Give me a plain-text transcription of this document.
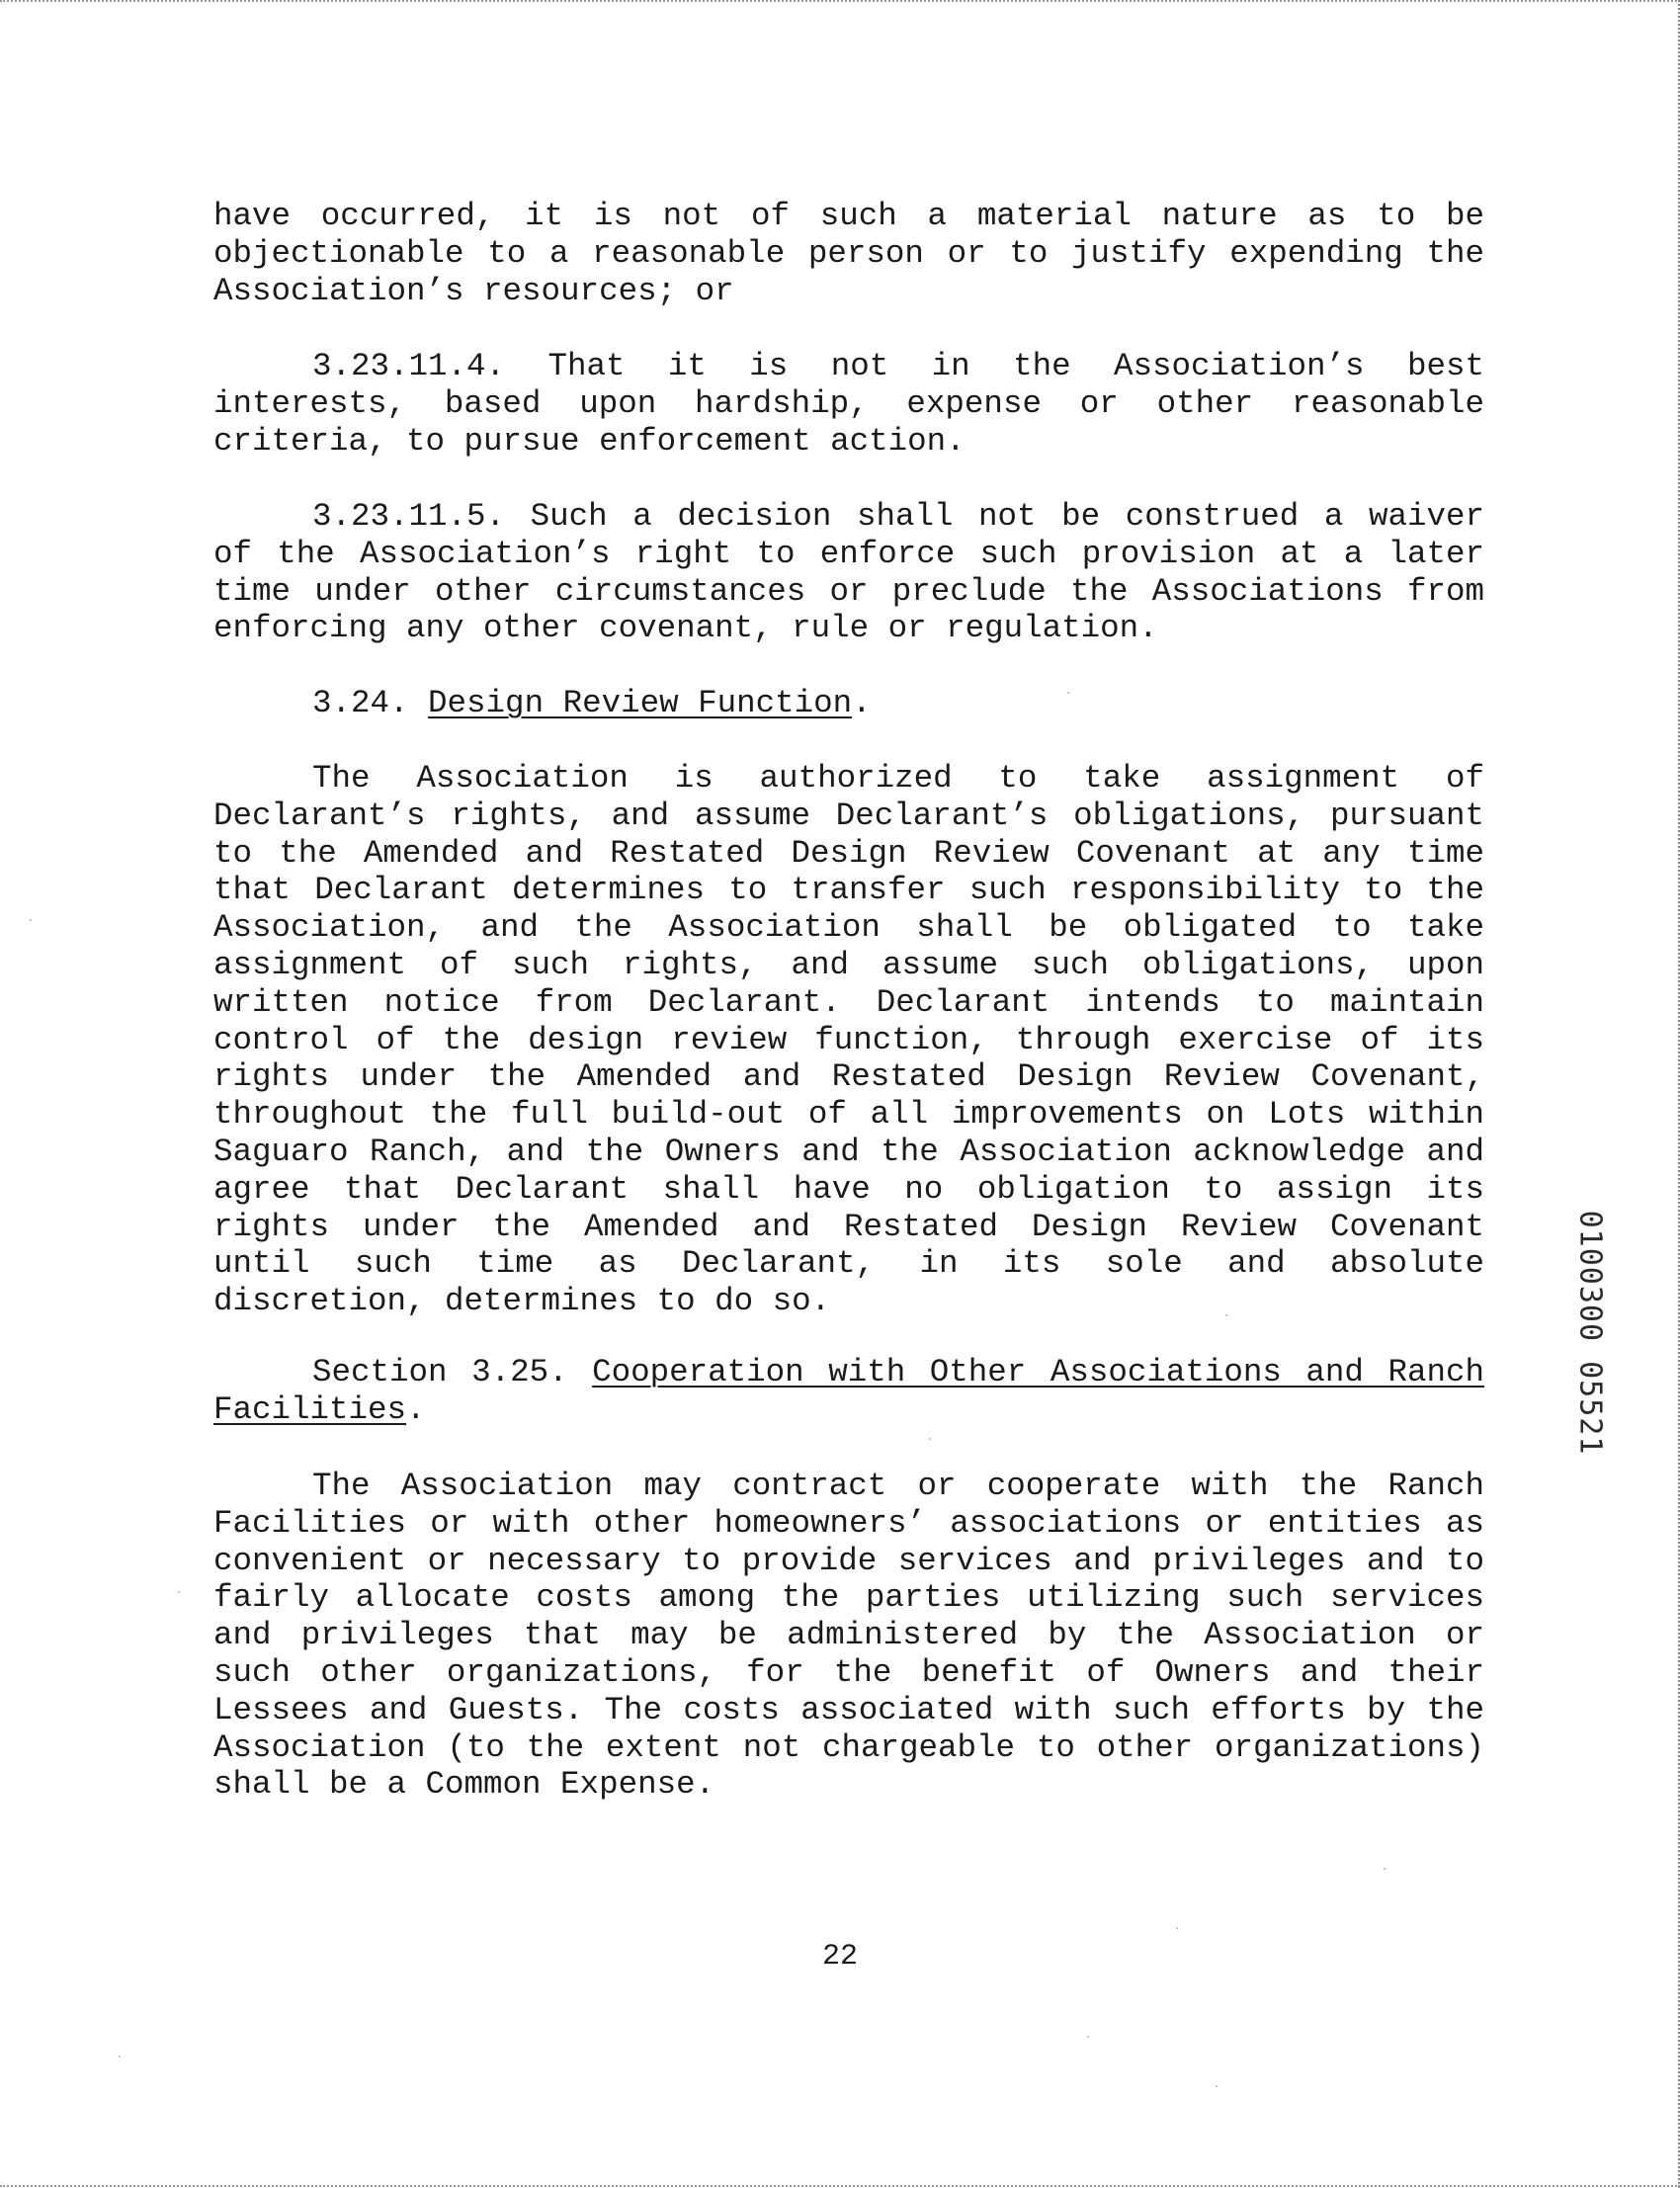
have occurred, it is not of such a material nature as to be objectionable to a reasonable person or to justify expending the Association’s resources; or

3.23.11.4. That it is not in the Association’s best interests, based upon hardship, expense or other reasonable criteria, to pursue enforcement action.

3.23.11.5. Such a decision shall not be construed a waiver of the Association’s right to enforce such provision at a later time under other circumstances or preclude the Associations from enforcing any other covenant, rule or regulation.

3.24. Design Review Function.

The Association is authorized to take assignment of Declarant’s rights, and assume Declarant’s obligations, pursuant to the Amended and Restated Design Review Covenant at any time that Declarant determines to transfer such responsibility to the Association, and the Association shall be obligated to take assignment of such rights, and assume such obligations, upon written notice from Declarant. Declarant intends to maintain control of the design review function, through exercise of its rights under the Amended and Restated Design Review Covenant, throughout the full build-out of all improvements on Lots within Saguaro Ranch, and the Owners and the Association acknowledge and agree that Declarant shall have no obligation to assign its rights under the Amended and Restated Design Review Covenant until such time as Declarant, in its sole and absolute discretion, determines to do so.

Section 3.25. Cooperation with Other Associations and Ranch Facilities.

The Association may contract or cooperate with the Ranch Facilities or with other homeowners’ associations or entities as convenient or necessary to provide services and privileges and to fairly allocate costs among the parties utilizing such services and privileges that may be administered by the Association or such other organizations, for the benefit of Owners and their Lessees and Guests. The costs associated with such efforts by the Association (to the extent not chargeable to other organizations) shall be a Common Expense.

22
0100300 05521
